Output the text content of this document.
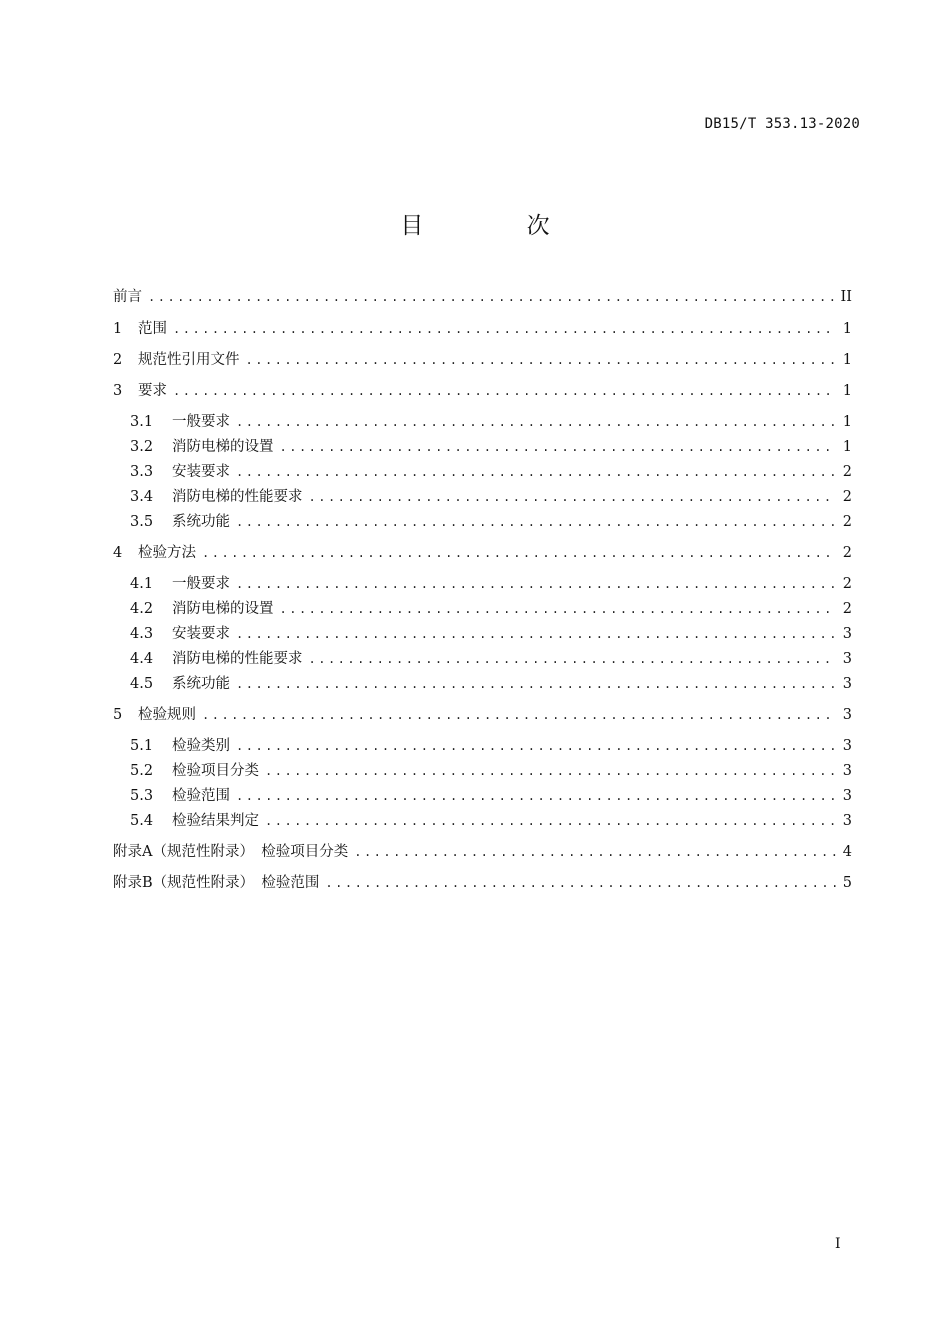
DB15/T 353.13-2020
目 次
前言 .....	II
1	范围 .....	1
2	规范性引用文件 .....	1
3	要求 .....	1
3.1	一般要求 .....	1
3.2	消防电梯的设置 .....	1
3.3	安装要求 .....	2
3.4	消防电梯的性能要求 .....	2
3.5	系统功能 .....	2
4	检验方法 .....	2
4.1	一般要求 .....	2
4.2	消防电梯的设置 .....	2
4.3	安装要求 .....	3
4.4	消防电梯的性能要求 .....	3
4.5	系统功能 .....	3
5	检验规则 .....	3
5.1	检验类别 .....	3
5.2	检验项目分类 .....	3
5.3	检验范围 .....	3
5.4	检验结果判定 .....	3
附录A（规范性附录）　检验项目分类 .....	4
附录B（规范性附录）　检验范围 .....	5
I
